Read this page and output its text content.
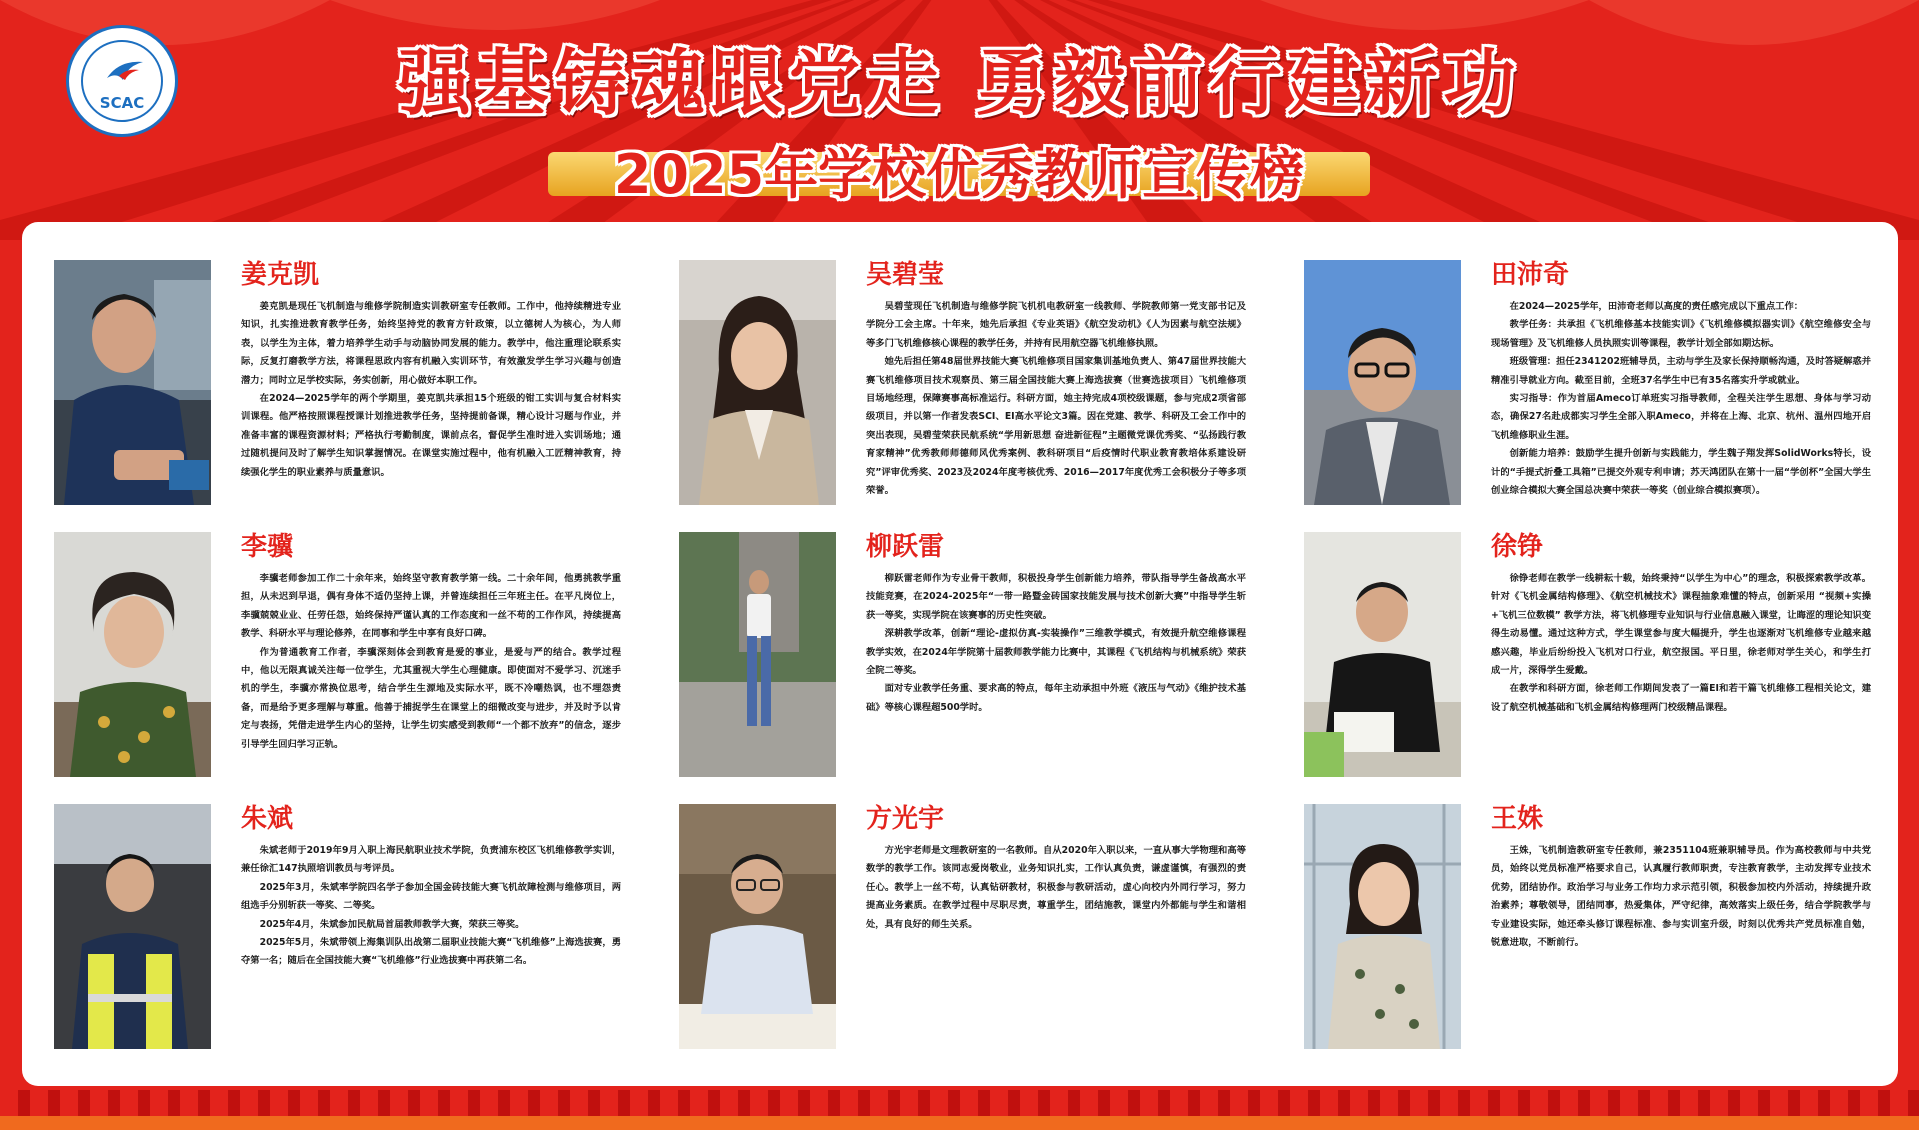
SCAC	强基铸魂跟党走 勇毅前行建新功
2025年学校优秀教师宣传榜
姜克凯

姜克凯是现任飞机制造与维修学院制造实训教研室专任教师。工作中，他持续精进专业知识，扎实推进教育教学任务，始终坚持党的教育方针政策，以立德树人为核心，为人师表，以学生为主体，着力培养学生动手与动脑协同发展的能力。教学中，他注重理论联系实际，反复打磨教学方法，将课程思政内容有机融入实训环节，有效激发学生学习兴趣与创造潜力；同时立足学校实际，务实创新，用心做好本职工作。

在2024—2025学年的两个学期里，姜克凯共承担15个班级的钳工实训与复合材料实训课程。他严格按照课程授课计划推进教学任务，坚持提前备课，精心设计习题与作业，并准备丰富的课程资源材料；严格执行考勤制度，课前点名，督促学生准时进入实训场地；通过随机提问及时了解学生知识掌握情况。在课堂实施过程中，他有机融入工匠精神教育，持续强化学生的职业素养与质量意识。

吴碧莹

吴碧莹现任飞机制造与维修学院飞机机电教研室一线教师、学院教师第一党支部书记及学院分工会主席。十年来，她先后承担《专业英语》《航空发动机》《人为因素与航空法规》等多门飞机维修核心课程的教学任务，并持有民用航空器飞机维修执照。

她先后担任第48届世界技能大赛飞机维修项目国家集训基地负责人、第47届世界技能大赛飞机维修项目技术观察员、第三届全国技能大赛上海选拔赛（世赛选拔项目）飞机维修项目场地经理，保障赛事高标准运行。科研方面，她主持完成4项校级课题，参与完成2项省部级项目，并以第一作者发表SCI、EI高水平论文3篇。因在党建、教学、科研及工会工作中的突出表现，吴碧莹荣获民航系统“学用新思想 奋进新征程”主题微党课优秀奖、“弘扬践行教育家精神”优秀教师师德师风优秀案例、教科研项目“后疫情时代职业教育教培体系建设研究”评审优秀奖、2023及2024年度考核优秀、2016—2017年度优秀工会积极分子等多项荣誉。

田沛奇

在2024—2025学年，田沛奇老师以高度的责任感完成以下重点工作：

教学任务：共承担《飞机维修基本技能实训》《飞机维修模拟器实训》《航空维修安全与现场管理》及飞机维修人员执照实训等课程，教学计划全部如期达标。

班级管理：担任2341202班辅导员，主动与学生及家长保持顺畅沟通，及时答疑解惑并精准引导就业方向。截至目前，全班37名学生中已有35名落实升学或就业。

实习指导：作为首届Ameco订单班实习指导教师，全程关注学生思想、身体与学习动态，确保27名赴成都实习学生全部入职Ameco，并将在上海、北京、杭州、温州四地开启飞机维修职业生涯。

创新能力培养：鼓励学生提升创新与实践能力，学生魏子翔发挥SolidWorks特长，设计的“手提式折叠工具箱”已提交外观专利申请；苏天鸿团队在第十一届“学创杯”全国大学生创业综合模拟大赛全国总决赛中荣获一等奖（创业综合模拟赛项）。

李骥

李骥老师参加工作二十余年来，始终坚守教育教学第一线。二十余年间，他勇挑教学重担，从未迟到早退，偶有身体不适仍坚持上课，并曾连续担任三年班主任。在平凡岗位上，李骥兢兢业业、任劳任怨，始终保持严谨认真的工作态度和一丝不苟的工作作风，持续提高教学、科研水平与理论修养，在同事和学生中享有良好口碑。

作为普通教育工作者，李骥深刻体会到教育是爱的事业，是爱与严的结合。教学过程中，他以无限真诚关注每一位学生，尤其重视大学生心理健康。即使面对不爱学习、沉迷手机的学生，李骥亦常换位思考，结合学生生源地及实际水平，既不冷嘲热讽，也不埋怨责备，而是给予更多理解与尊重。他善于捕捉学生在课堂上的细微改变与进步，并及时予以肯定与表扬，凭借走进学生内心的坚持，让学生切实感受到教师“一个都不放弃”的信念，逐步引导学生回归学习正轨。

柳跃雷

柳跃雷老师作为专业骨干教师，积极投身学生创新能力培养，带队指导学生备战高水平技能竞赛，在2024-2025年“一带一路暨金砖国家技能发展与技术创新大赛”中指导学生斩获一等奖，实现学院在该赛事的历史性突破。

深耕教学改革，创新“理论-虚拟仿真-实装操作”三维教学模式，有效提升航空维修课程教学实效，在2024年学院第十届教师教学能力比赛中，其课程《飞机结构与机械系统》荣获全院二等奖。

面对专业教学任务重、要求高的特点，每年主动承担中外班《液压与气动》《维护技术基础》等核心课程超500学时。

徐铮

徐铮老师在教学一线耕耘十载，始终秉持“以学生为中心”的理念，积极探索教学改革。针对《飞机金属结构修理》、《航空机械技术》课程抽象难懂的特点，创新采用 “视频+实操 +飞机三位数模” 教学方法，将飞机修理专业知识与行业信息融入课堂，让晦涩的理论知识变得生动易懂。通过这种方式，学生课堂参与度大幅提升，学生也逐渐对飞机维修专业越来越感兴趣，毕业后纷纷投入飞机对口行业，航空报国。平日里，徐老师对学生关心，和学生打成一片，深得学生爱戴。

在教学和科研方面，徐老师工作期间发表了一篇EI和若干篇飞机维修工程相关论文，建设了航空机械基础和飞机金属结构修理两门校级精品课程。

朱斌

朱斌老师于2019年9月入职上海民航职业技术学院，负责浦东校区飞机维修教学实训，兼任徐汇147执照培训教员与考评员。

2025年3月，朱斌率学院四名学子参加全国金砖技能大赛飞机故障检测与维修项目，两组选手分别斩获一等奖、二等奖。

2025年4月，朱斌参加民航局首届教师教学大赛，荣获三等奖。

2025年5月，朱斌带领上海集训队出战第二届职业技能大赛“飞机维修”上海选拔赛，勇夺第一名；随后在全国技能大赛“飞机维修”行业选拔赛中再获第二名。

方光宇

方光宇老师是文理教研室的一名教师。自从2020年入职以来，一直从事大学物理和高等数学的教学工作。该同志爱岗敬业，业务知识扎实，工作认真负责，谦虚谨慎，有强烈的责任心。教学上一丝不苟，认真钻研教材，积极参与教研活动，虚心向校内外同行学习，努力提高业务素质。在教学过程中尽职尽责，尊重学生，团结施教，课堂内外都能与学生和谐相处，具有良好的师生关系。

王姝

王姝，飞机制造教研室专任教师，兼2351104班兼职辅导员。作为高校教师与中共党员，始终以党员标准严格要求自己，认真履行教师职责，专注教育教学，主动发挥专业技术优势，团结协作。政治学习与业务工作均力求示范引领，积极参加校内外活动，持续提升政治素养；尊敬领导，团结同事，热爱集体，严守纪律，高效落实上级任务，结合学院教学与专业建设实际，她还牵头修订课程标准、参与实训室升级，时刻以优秀共产党员标准自勉，锐意进取，不断前行。
